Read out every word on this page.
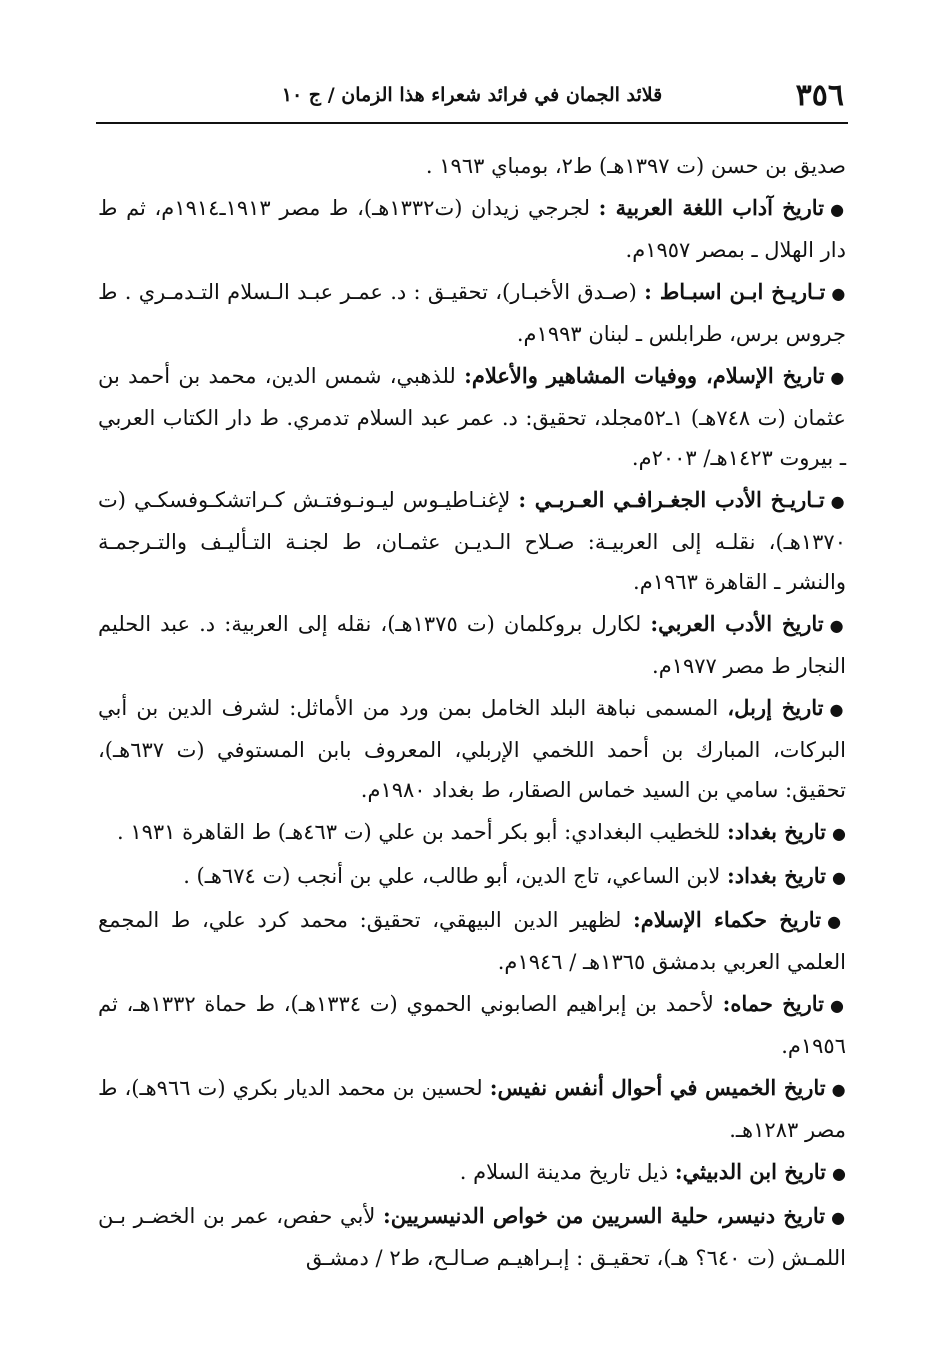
٣٥٦
قلائد الجمان في فرائد شعراء هذا الزمان / ج ١٠

صديق بن حسن (ت ١٣٩٧هـ) ط٢، بومباي ١٩٦٣ .

●تاريخ آداب اللغة العربية : لجرجي زيدان (ت١٣٣٢هـ)، ط مصر ١٩١٣ـ١٩١٤م، ثم ط دار الهلال ـ بمصر ١٩٥٧م.

●تـاريـخ ابـن اسبـاط : (صـدق الأخبـار)، تحقيـق : د. عمـر عبـد الـسلام التـدمـري . ط جروس برس، طرابلس ـ لبنان ١٩٩٣م.

●تاريخ الإسلام، ووفيات المشاهير والأعلام: للذهبي، شمس الدين، محمد بن أحمد بن عثمان (ت ٧٤٨هـ) ١ـ٥٢مجلد، تحقيق: د. عمر عبد السلام تدمري. ط دار الكتاب العربي ـ بيروت ١٤٢٣هـ/ ٢٠٠٣م.

●تـاريـخ الأدب الجغـرافـي العـربـي : لإغنـاطيـوس ليـونـوفتـش كـراتشكـوفسكـي (ت ١٣٧٠هـ)، نقلـه إلى العربيـة: صـلاح الـديـن عثمـان، ط لجنـة التـأليـف والتـرجمـة والنشر ـ القاهرة ١٩٦٣م.

●تاريخ الأدب العربي: لكارل بروكلمان (ت ١٣٧٥هـ)، نقله إلى العربية: د. عبد الحليم النجار ط مصر ١٩٧٧م.

●تاريخ إربل، المسمى نباهة البلد الخامل بمن ورد من الأماثل: لشرف الدين بن أبي البركات، المبارك بن أحمد اللخمي الإربلي، المعروف بابن المستوفي (ت ٦٣٧هـ)، تحقيق: سامي بن السيد خماس الصقار، ط بغداد ١٩٨٠م.

●تاريخ بغداد: للخطيب البغدادي: أبو بكر أحمد بن علي (ت ٤٦٣هـ) ط القاهرة ١٩٣١ .

●تاريخ بغداد: لابن الساعي، تاج الدين، أبو طالب، علي بن أنجب (ت ٦٧٤هـ) .

●تاريخ حكماء الإسلام: لظهير الدين البيهقي، تحقيق: محمد كرد علي، ط المجمع العلمي العربي بدمشق ١٣٦٥هـ / ١٩٤٦م.

●تاريخ حماه: لأحمد بن إبراهيم الصابوني الحموي (ت ١٣٣٤هـ)، ط حماة ١٣٣٢هـ، ثم ١٩٥٦م.

●تاريخ الخميس في أحوال أنفس نفيس: لحسين بن محمد الديار بكري (ت ٩٦٦هـ)، ط مصر ١٢٨٣هـ.

●تاريخ ابن الدبيثي: ذيل تاريخ مدينة السلام .

●تاريخ دنيسر، حلية السريين من خواص الدنيسريين: لأبي حفص، عمر بن الخضـر بـن اللمـش (ت ٦٤٠؟ هـ)، تحقيـق : إبـراهيـم صـالـح، ط٢ / دمشـق
